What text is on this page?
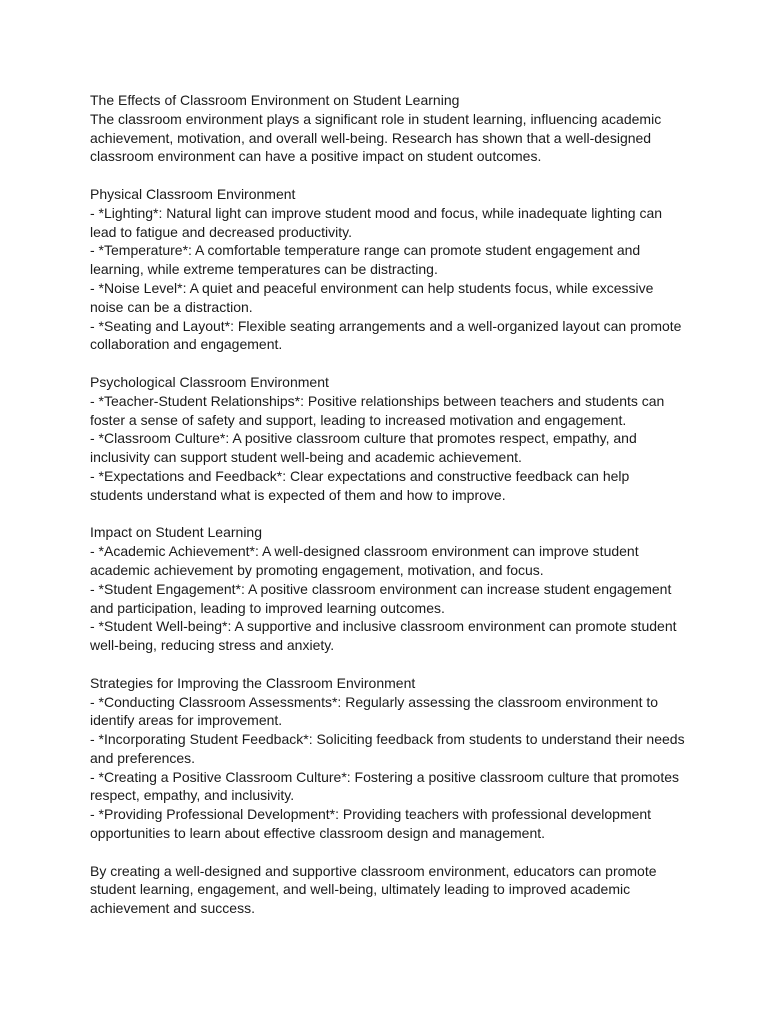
The Effects of Classroom Environment on Student Learning
The classroom environment plays a significant role in student learning, influencing academic
achievement, motivation, and overall well-being. Research has shown that a well-designed
classroom environment can have a positive impact on student outcomes.
Physical Classroom Environment
- *Lighting*: Natural light can improve student mood and focus, while inadequate lighting can
lead to fatigue and decreased productivity.
- *Temperature*: A comfortable temperature range can promote student engagement and
learning, while extreme temperatures can be distracting.
- *Noise Level*: A quiet and peaceful environment can help students focus, while excessive
noise can be a distraction.
- *Seating and Layout*: Flexible seating arrangements and a well-organized layout can promote
collaboration and engagement.
Psychological Classroom Environment
- *Teacher-Student Relationships*: Positive relationships between teachers and students can
foster a sense of safety and support, leading to increased motivation and engagement.
- *Classroom Culture*: A positive classroom culture that promotes respect, empathy, and
inclusivity can support student well-being and academic achievement.
- *Expectations and Feedback*: Clear expectations and constructive feedback can help
students understand what is expected of them and how to improve.
Impact on Student Learning
- *Academic Achievement*: A well-designed classroom environment can improve student
academic achievement by promoting engagement, motivation, and focus.
- *Student Engagement*: A positive classroom environment can increase student engagement
and participation, leading to improved learning outcomes.
- *Student Well-being*: A supportive and inclusive classroom environment can promote student
well-being, reducing stress and anxiety.
Strategies for Improving the Classroom Environment
- *Conducting Classroom Assessments*: Regularly assessing the classroom environment to
identify areas for improvement.
- *Incorporating Student Feedback*: Soliciting feedback from students to understand their needs
and preferences.
- *Creating a Positive Classroom Culture*: Fostering a positive classroom culture that promotes
respect, empathy, and inclusivity.
- *Providing Professional Development*: Providing teachers with professional development
opportunities to learn about effective classroom design and management.
By creating a well-designed and supportive classroom environment, educators can promote
student learning, engagement, and well-being, ultimately leading to improved academic
achievement and success.
